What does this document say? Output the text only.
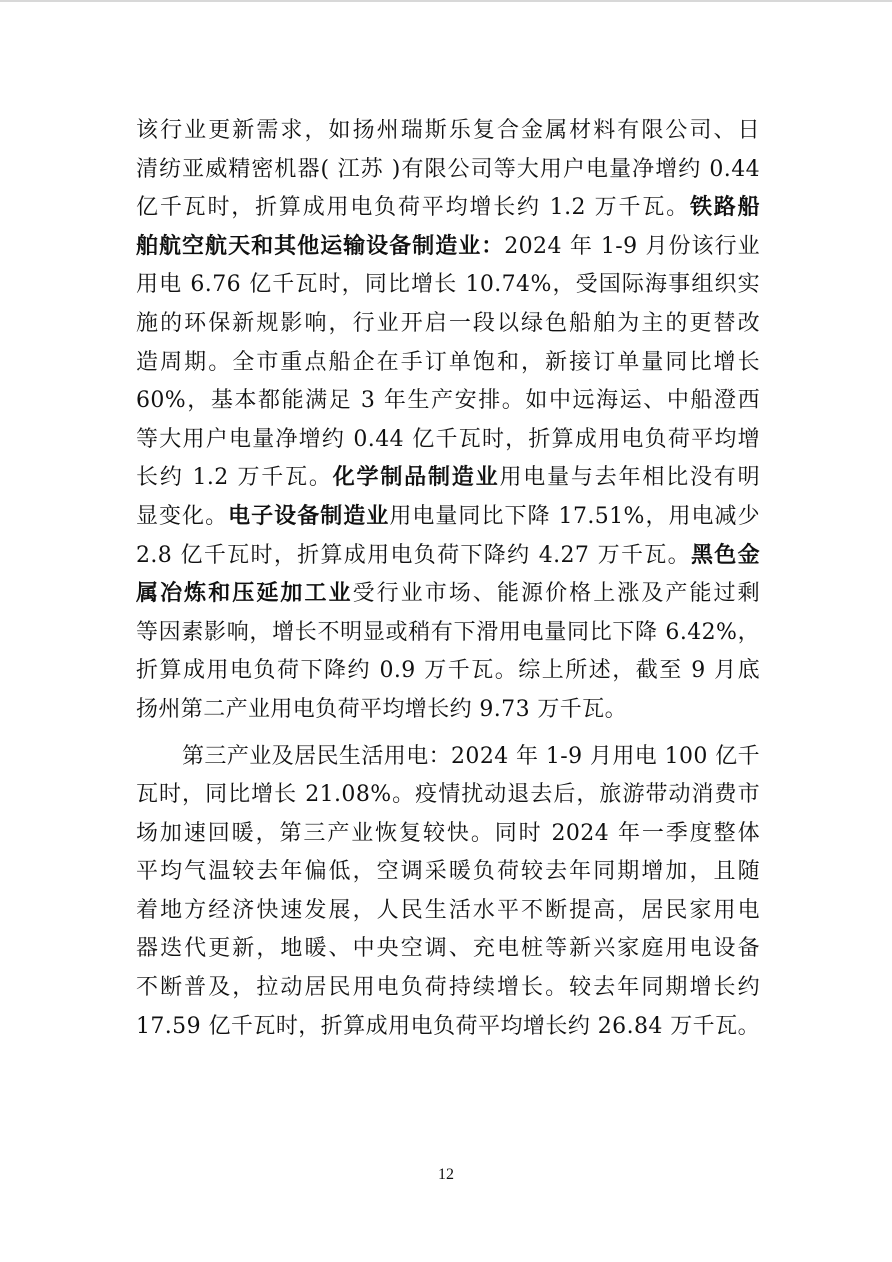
该行业更新需求，如扬州瑞斯乐复合金属材料有限公司、日
清纺亚威精密机器( 江苏 )有限公司等大用户电量净增约 0.44
亿千瓦时，折算成用电负荷平均增长约 1.2 万千瓦。铁路船
舶航空航天和其他运输设备制造业：2024 年 1-9 月份该行业
用电 6.76 亿千瓦时，同比增长 10.74%，受国际海事组织实
施的环保新规影响，行业开启一段以绿色船舶为主的更替改
造周期。全市重点船企在手订单饱和，新接订单量同比增长
60%，基本都能满足 3 年生产安排。如中远海运、中船澄西
等大用户电量净增约 0.44 亿千瓦时，折算成用电负荷平均增
长约 1.2 万千瓦。化学制品制造业用电量与去年相比没有明
显变化。电子设备制造业用电量同比下降 17.51%，用电减少
2.8 亿千瓦时，折算成用电负荷下降约 4.27 万千瓦。黑色金
属冶炼和压延加工业受行业市场、能源价格上涨及产能过剩
等因素影响，增长不明显或稍有下滑用电量同比下降 6.42%，
折算成用电负荷下降约 0.9 万千瓦。综上所述，截至 9 月底
扬州第二产业用电负荷平均增长约 9.73 万千瓦。
第三产业及居民生活用电：2024 年 1-9 月用电 100 亿千
瓦时，同比增长 21.08%。疫情扰动退去后，旅游带动消费市
场加速回暖，第三产业恢复较快。同时 2024 年一季度整体
平均气温较去年偏低，空调采暖负荷较去年同期增加，且随
着地方经济快速发展，人民生活水平不断提高，居民家用电
器迭代更新，地暖、中央空调、充电桩等新兴家庭用电设备
不断普及，拉动居民用电负荷持续增长。较去年同期增长约
17.59 亿千瓦时，折算成用电负荷平均增长约 26.84 万千瓦。
12
